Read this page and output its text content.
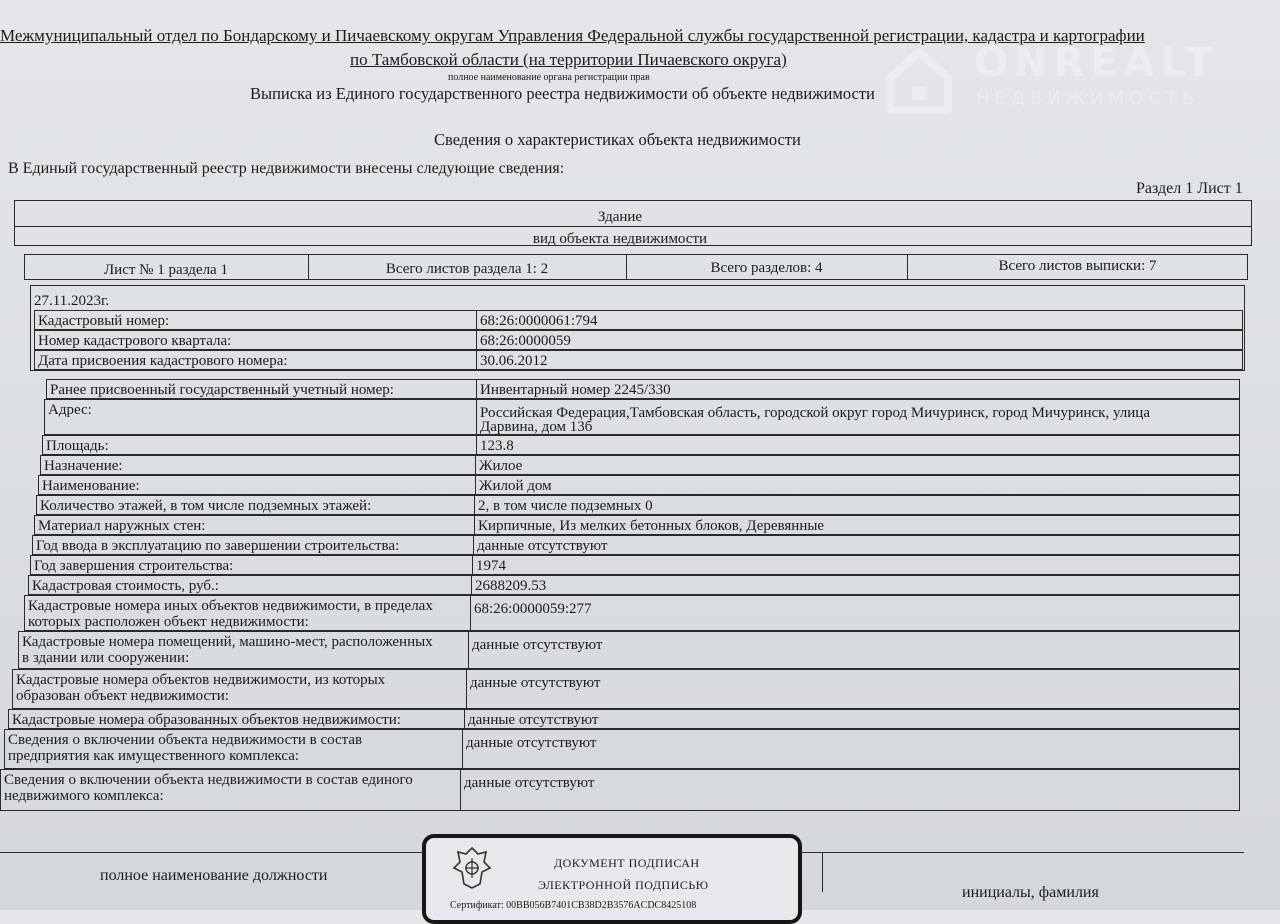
ONREALT
НЕДВИЖИМОСТЬ
Межмуниципальный отдел по Бондарскому и Пичаевскому округам Управления Федеральной службы государственной регистрации, кадастра и картографии
по Тамбовской области (на территории Пичаевского округа)
полное наименование органа регистрации прав
Выписка из Единого государственного реестра недвижимости об объекте недвижимости
Сведения о характеристиках объекта недвижимости
В Единый государственный реестр недвижимости внесены следующие сведения:
Раздел 1 Лист 1
Здание
вид объекта недвижимости
Лист № 1 раздела 1	Всего листов раздела 1: 2	Всего разделов: 4	Всего листов выписки: 7
27.11.2023г.
Кадастровый номер:	68:26:0000061:794
Номер кадастрового квартала:	68:26:0000059
Дата присвоения кадастрового номера:	30.06.2012
Ранее присвоенный государственный учетный номер:	Инвентарный номер 2245/330
Адрес:	Российская Федерация,Тамбовская область, городской округ город Мичуринск, город Мичуринск, улица
Дарвина, дом 13б
Площадь:	123.8
Назначение:	Жилое
Наименование:	Жилой дом
Количество этажей, в том числе подземных этажей:	2, в том числе подземных 0
Материал наружных стен:	Кирпичные, Из мелких бетонных блоков, Деревянные
Год ввода в эксплуатацию по завершении строительства:	данные отсутствуют
Год завершения строительства:	1974
Кадастровая стоимость, руб.:	2688209.53
Кадастровые номера иных объектов недвижимости, в пределах
которых расположен объект недвижимости:
68:26:0000059:277
Кадастровые номера помещений, машино-мест, расположенных
в здании или сооружении:
данные отсутствуют
Кадастровые номера объектов недвижимости, из которых
образован объект недвижимости:
данные отсутствуют
Кадастровые номера образованных объектов недвижимости:	данные отсутствуют
Сведения о включении объекта недвижимости в состав
предприятия как имущественного комплекса:
данные отсутствуют
Сведения о включении объекта недвижимости в состав единого
недвижимого комплекса:
данные отсутствуют
полное наименование должности
инициалы, фамилия
ДОКУМЕНТ ПОДПИСАН
ЭЛЕКТРОННОЙ ПОДПИСЬЮ
Сертификат: 00BB056B7401CB38D2B3576ACDC8425108
